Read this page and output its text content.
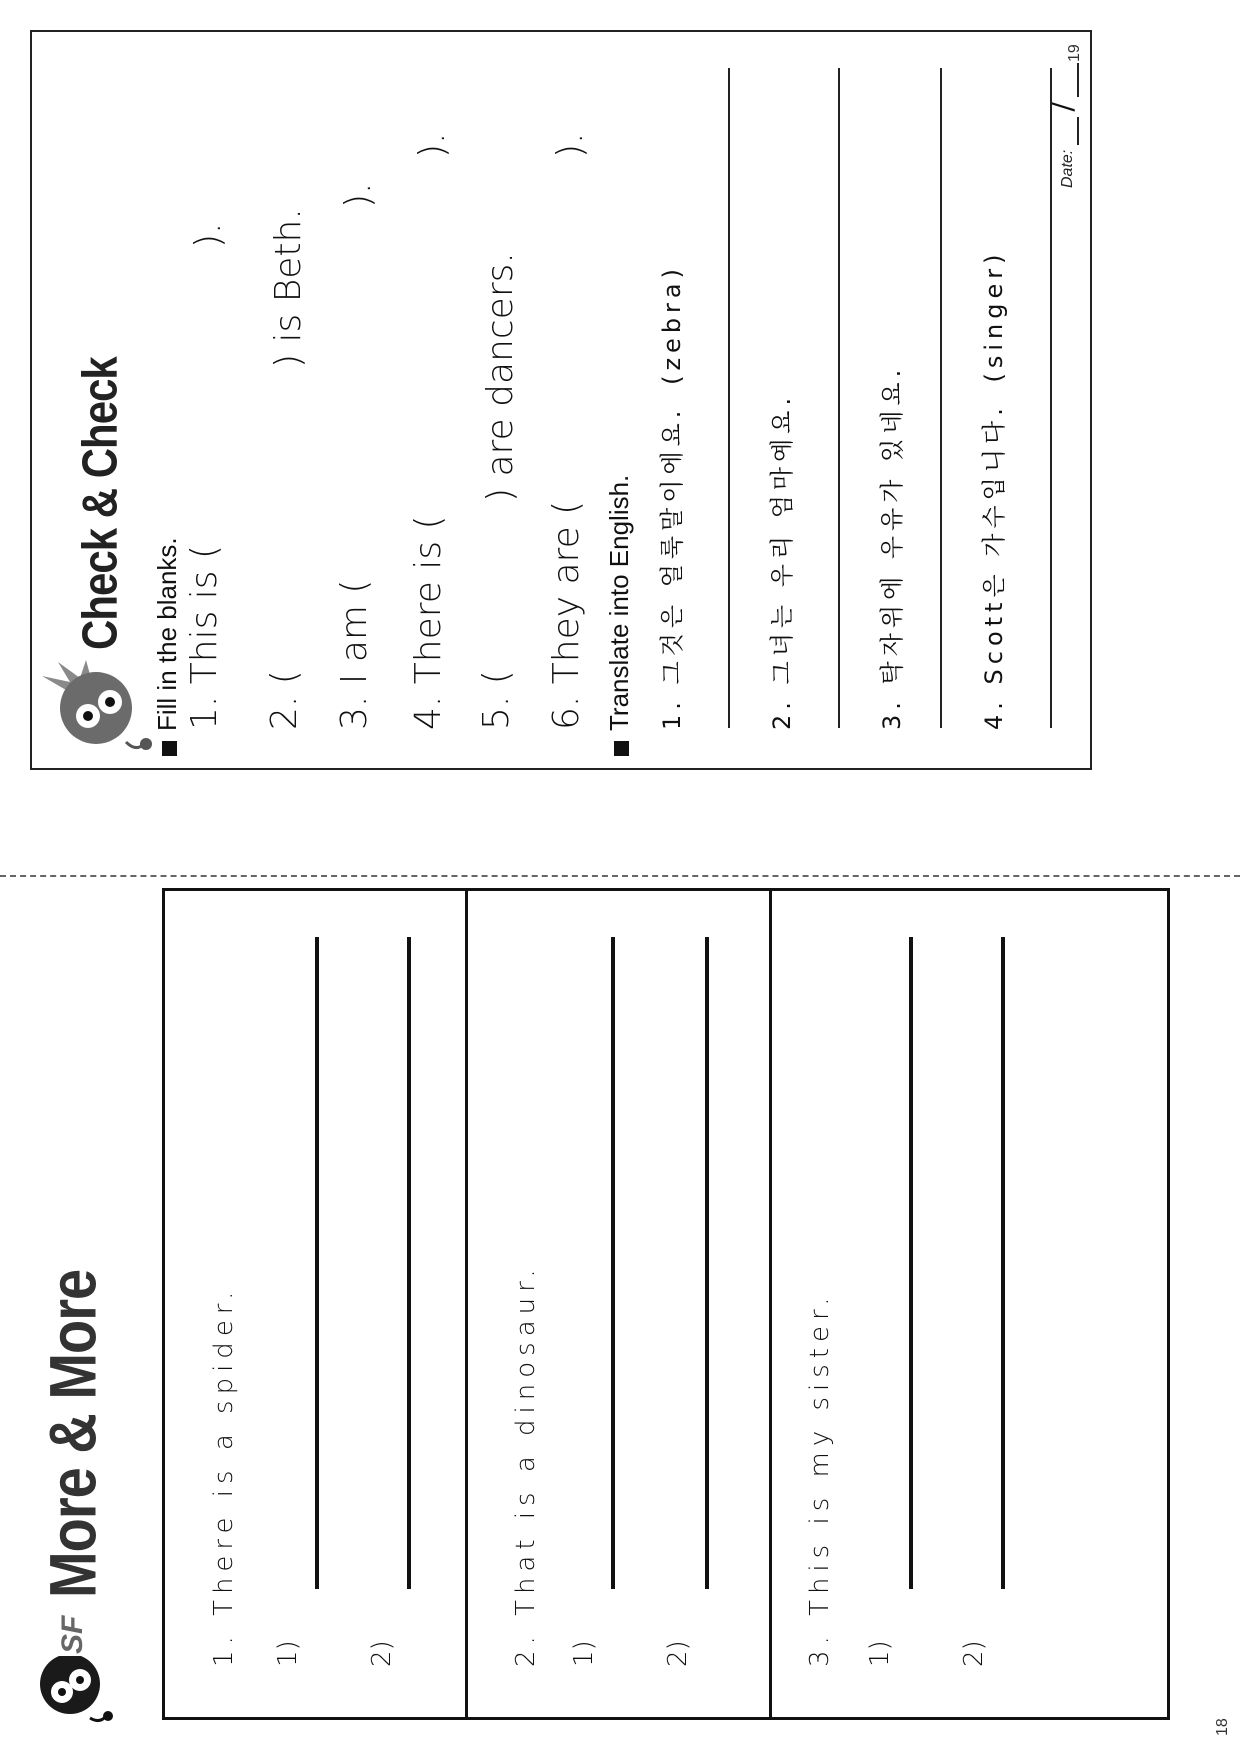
SF
More & More	1. There is a spider. 1) 2)	2. That is a dinosaur. 1) 2)	3. This is my sister. 1) 2)
18
Check & Check Fill in the blanks. 1. This is (
).
2. (
) is Beth.
3. I am (
).
4. There is (
).
5. (
) are dancers.
6. They are (
).
Translate into English. 1. 그것은 얼룩말이에요. (zebra)
2. 그녀는 우리 엄마예요.	3. 탁자위에 우유가 있네요.	4. Scott은 가수입니다. (singer)
Date:  /
19
